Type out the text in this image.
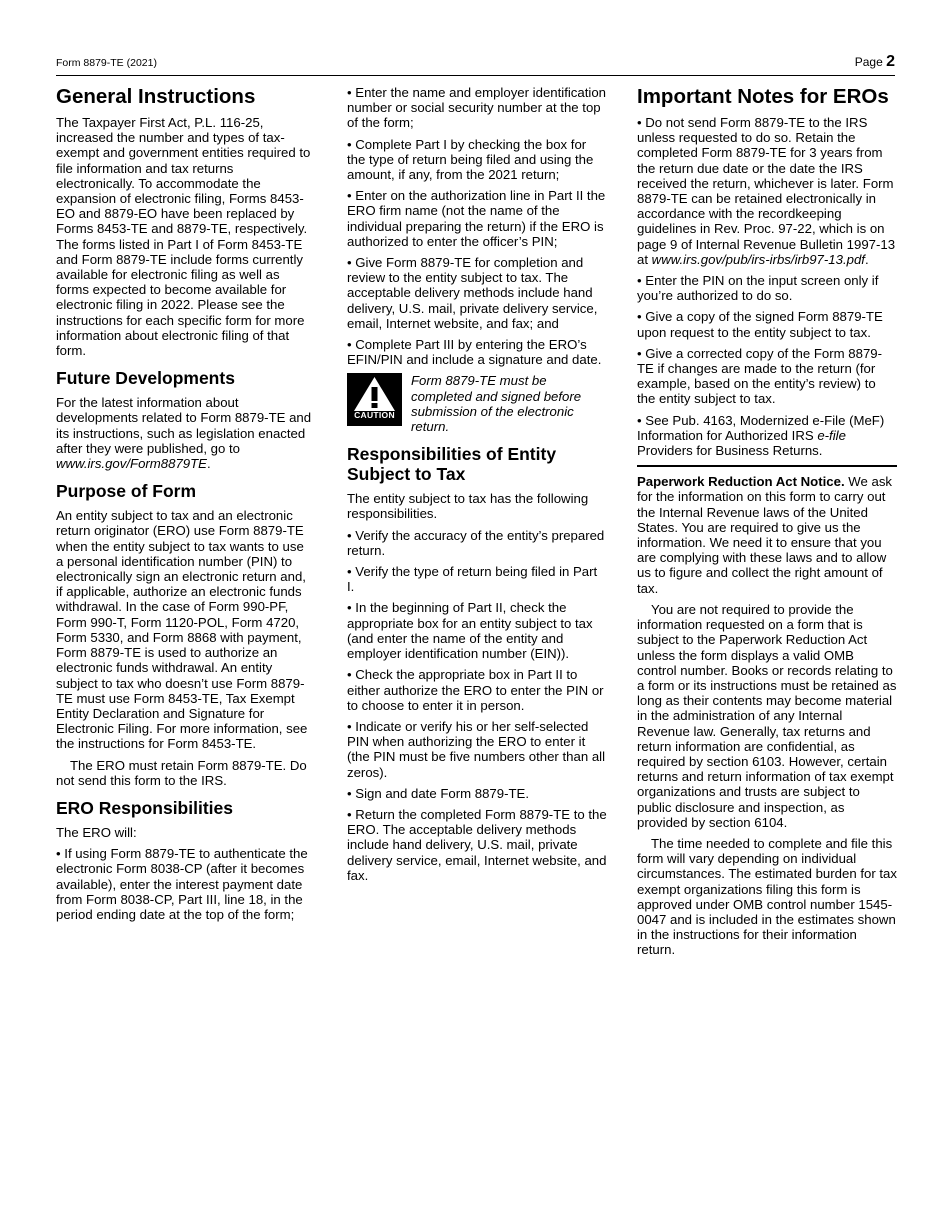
Form 8879-TE (2021)	Page 2
General Instructions

The Taxpayer First Act, P.L. 116-25, increased the number and types of tax-exempt and government entities required to file information and tax returns electronically. To accommodate the expansion of electronic filing, Forms 8453-EO and 8879-EO have been replaced by Forms 8453-TE and 8879-TE, respectively. The forms listed in Part I of Form 8453-TE and Form 8879-TE include forms currently available for electronic filing as well as forms expected to become available for electronic filing in 2022. Please see the instructions for each specific form for more information about electronic filing of that form.

Future Developments

For the latest information about developments related to Form 8879-TE and its instructions, such as legislation enacted after they were published, go to www.irs.gov/Form8879TE.

Purpose of Form

An entity subject to tax and an electronic return originator (ERO) use Form 8879-TE when the entity subject to tax wants to use a personal identification number (PIN) to electronically sign an electronic return and, if applicable, authorize an electronic funds withdrawal. In the case of Form 990-PF, Form 990-T, Form 1120-POL, Form 4720, Form 5330, and Form 8868 with payment, Form 8879-TE is used to authorize an electronic funds withdrawal. An entity subject to tax who doesn’t use Form 8879-TE must use Form 8453-TE, Tax Exempt Entity Declaration and Signature for Electronic Filing. For more information, see the instructions for Form 8453-TE.

The ERO must retain Form 8879-TE. Do not send this form to the IRS.

ERO Responsibilities

The ERO will:

• If using Form 8879-TE to authenticate the electronic Form 8038-CP (after it becomes available), enter the interest payment date from Form 8038-CP, Part III, line 18, in the period ending date at the top of the form;

• Enter the name and employer identification number or social security number at the top of the form;

• Complete Part I by checking the box for the type of return being filed and using the amount, if any, from the 2021 return;

• Enter on the authorization line in Part II the ERO firm name (not the name of the individual preparing the return) if the ERO is authorized to enter the officer’s PIN;

• Give Form 8879-TE for completion and review to the entity subject to tax. The acceptable delivery methods include hand delivery, U.S. mail, private delivery service, email, Internet website, and fax; and

• Complete Part III by entering the ERO’s EFIN/PIN and include a signature and date.

CAUTION
Form 8879-TE must be completed and signed before submission of the electronic return.
Responsibilities of Entity Subject to Tax

The entity subject to tax has the following responsibilities.

• Verify the accuracy of the entity’s prepared return.

• Verify the type of return being filed in Part I.

• In the beginning of Part II, check the appropriate box for an entity subject to tax (and enter the name of the entity and employer identification number (EIN)).

• Check the appropriate box in Part II to either authorize the ERO to enter the PIN or to choose to enter it in person.

• Indicate or verify his or her self-selected PIN when authorizing the ERO to enter it (the PIN must be five numbers other than all zeros).

• Sign and date Form 8879-TE.

• Return the completed Form 8879-TE to the ERO. The acceptable delivery methods include hand delivery, U.S. mail, private delivery service, email, Internet website, and fax.

Important Notes for EROs

• Do not send Form 8879-TE to the IRS unless requested to do so. Retain the completed Form 8879-TE for 3 years from the return due date or the date the IRS received the return, whichever is later. Form 8879-TE can be retained electronically in accordance with the recordkeeping guidelines in Rev. Proc. 97-22, which is on page 9 of Internal Revenue Bulletin 1997-13 at www.irs.gov/pub/irs-irbs/irb97-13.pdf.

• Enter the PIN on the input screen only if you’re authorized to do so.

• Give a copy of the signed Form 8879-TE upon request to the entity subject to tax.

• Give a corrected copy of the Form 8879-TE if changes are made to the return (for example, based on the entity’s review) to the entity subject to tax.

• See Pub. 4163, Modernized e-File (MeF) Information for Authorized IRS e-file Providers for Business Returns.

Paperwork Reduction Act Notice. We ask for the information on this form to carry out the Internal Revenue laws of the United States. You are required to give us the information. We need it to ensure that you are complying with these laws and to allow us to figure and collect the right amount of tax.

You are not required to provide the information requested on a form that is subject to the Paperwork Reduction Act unless the form displays a valid OMB control number. Books or records relating to a form or its instructions must be retained as long as their contents may become material in the administration of any Internal Revenue law. Generally, tax returns and return information are confidential, as required by section 6103. However, certain returns and return information of tax exempt organizations and trusts are subject to public disclosure and inspection, as provided by section 6104.

The time needed to complete and file this form will vary depending on individual circumstances. The estimated burden for tax exempt organizations filing this form is approved under OMB control number 1545-0047 and is included in the estimates shown in the instructions for their information return.
